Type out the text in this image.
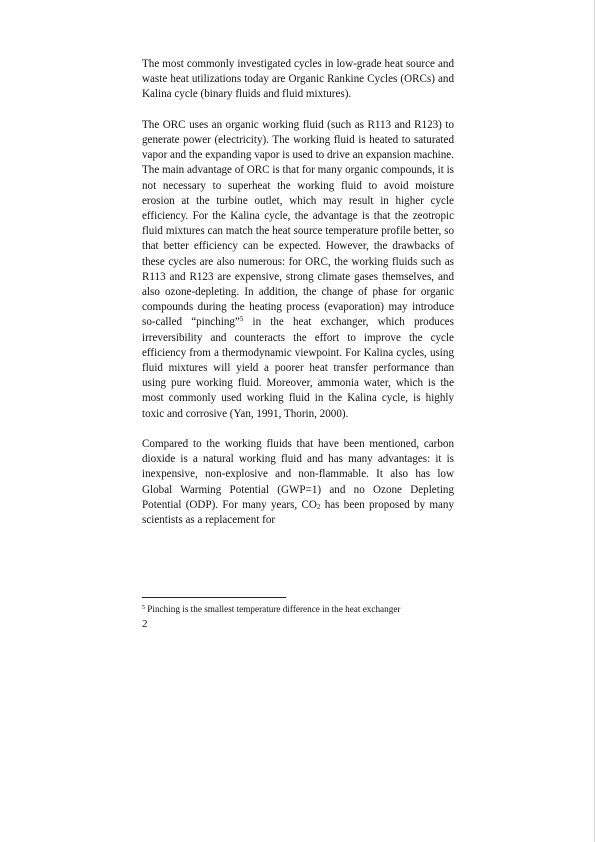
The most commonly investigated cycles in low-grade heat source and waste heat utilizations today are Organic Rankine Cycles (ORCs) and Kalina cycle (binary fluids and fluid mixtures).

The ORC uses an organic working fluid (such as R113 and R123) to generate power (electricity). The working fluid is heated to saturated vapor and the expanding vapor is used to drive an expansion machine. The main advantage of ORC is that for many organic compounds, it is not necessary to superheat the working fluid to avoid moisture erosion at the turbine outlet, which may result in higher cycle efficiency. For the Kalina cycle, the advantage is that the zeotropic fluid mixtures can match the heat source temperature profile better, so that better efficiency can be expected. However, the drawbacks of these cycles are also numerous: for ORC, the working fluids such as R113 and R123 are expensive, strong climate gases themselves, and also ozone-depleting. In addition, the change of phase for organic compounds during the heating process (evaporation) may introduce so-called “pinching”$^5$ in the heat exchanger, which produces irreversibility and counteracts the effort to improve the cycle efficiency from a thermodynamic viewpoint. For Kalina cycles, using fluid mixtures will yield a poorer heat transfer performance than using pure working fluid. Moreover, ammonia water, which is the most commonly used working fluid in the Kalina cycle, is highly toxic and corrosive (Yan, 1991, Thorin, 2000).

Compared to the working fluids that have been mentioned, carbon dioxide is a natural working fluid and has many advantages: it is inexpensive, non-explosive and non-flammable. It also has low Global Warming Potential (GWP=1) and no Ozone Depleting Potential (ODP). For many years, $CO_2$ has been proposed by many scientists as a replacement for

$^5$ Pinching is the smallest temperature difference in the heat exchanger
2
